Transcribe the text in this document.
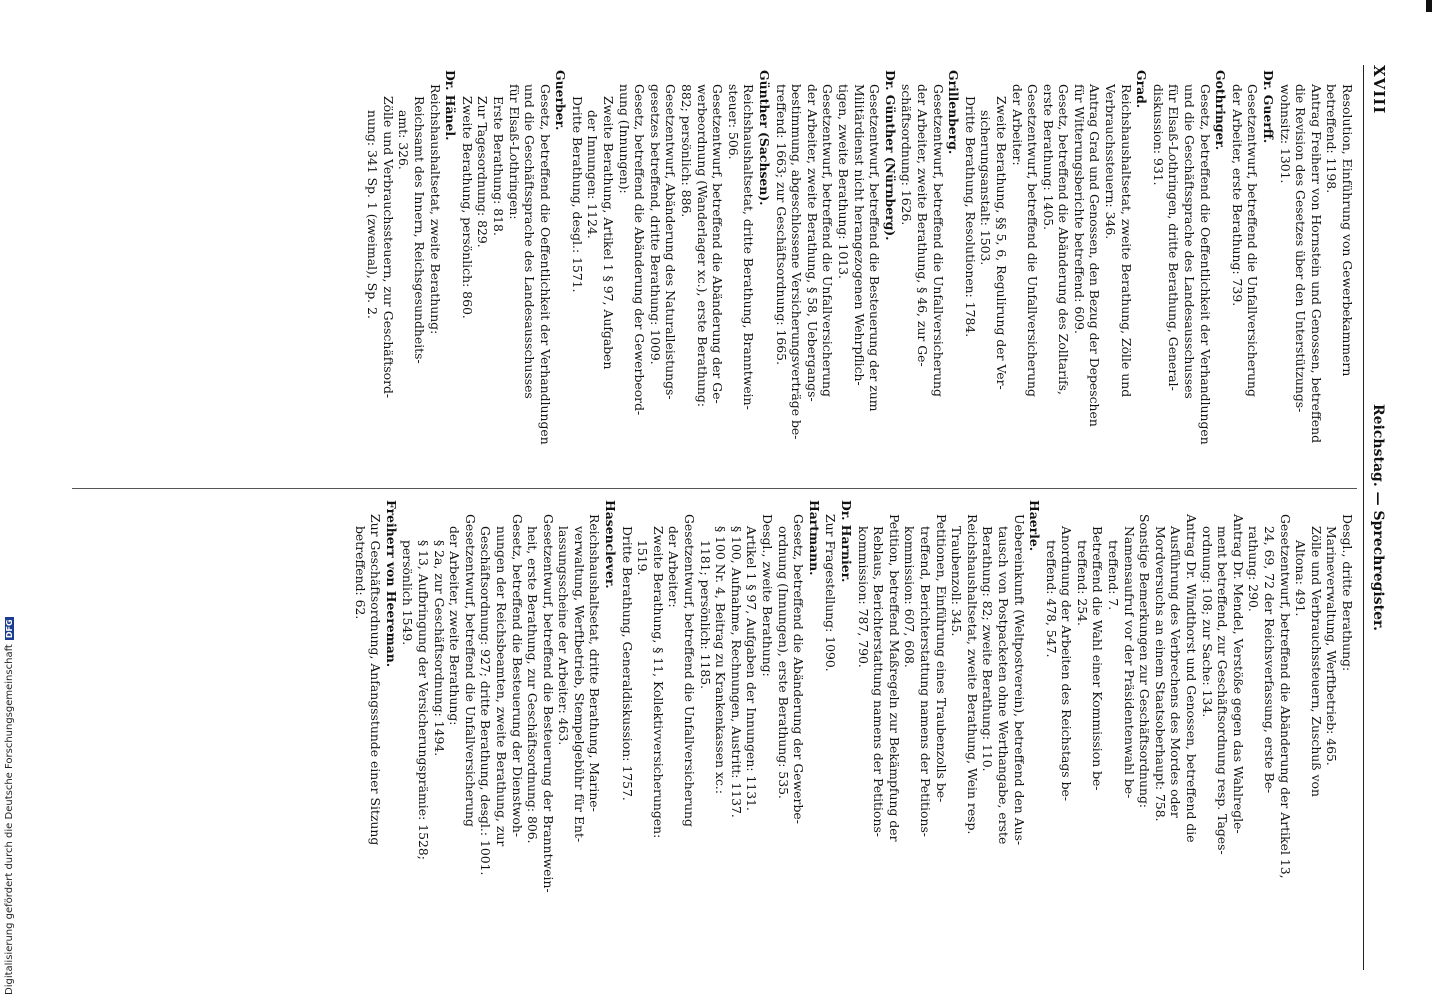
XVIII
Reichstag. — Sprechregister.
Resolution, Einführung von Gewerbekammern
betreffend: 1198.
Antrag Freiherr von Hornstein und Genossen, betreffend
die Revision des Gesetzes über den Unterstützungs-
wohnsitz: 1301.
Dr. Guerff.
Gesetzentwurf, betreffend die Unfallversicherung
der Arbeiter, erste Berathung: 739.
Gothringer.
Gesetz, betreffend die Oeffentlichkeit der Verhandlungen
und die Geschäftssprache des Landesausschusses
für Elsaß-Lothringen, dritte Berathung, General-
diskussion: 931.
Grad.
Reichshaushaltsetat, zweite Berathung, Zölle und
Verbrauchssteuern: 346.
Antrag Grad und Genossen, den Bezug der Depeschen
für Witterungsberichte betreffend: 609.
Gesetz, betreffend die Abänderung des Zolltarifs,
erste Berathung: 1405.
Gesetzentwurf, betreffend die Unfallversicherung
der Arbeiter:
Zweite Berathung, §§ 5, 6, Regulirung der Ver-
sicherungsanstalt: 1503.
Dritte Berathung, Resolutionen: 1784.
Grillenberg.
Gesetzentwurf, betreffend die Unfallversicherung
der Arbeiter, zweite Berathung, § 46, zur Ge-
schäftsordnung: 1626.
Dr. Günther (Nürnberg).
Gesetzentwurf, betreffend die Besteuerung der zum
Militärdienst nicht herangezogenen Wehrpflich-
tigen, zweite Berathung: 1013.
Gesetzentwurf, betreffend die Unfallversicherung
der Arbeiter, zweite Berathung, § 58, Uebergangs-
bestimmung, abgeschlossene Versicherungsverträge be-
treffend: 1663; zur Geschäftsordnung: 1665.
Günther (Sachsen).
Reichshaushaltsetat, dritte Berathung, Branntwein-
steuer: 506.
Gesetzentwurf, betreffend die Abänderung der Ge-
werbeordnung (Wanderlager xc.), erste Berathung:
882; persönlich: 886.
Gesetzentwurf, Abänderung des Naturalleistungs-
gesetzes betreffend, dritte Berathung: 1009.
Gesetz, betreffend die Abänderung der Gewerbeord-
nung (Innungen):
Zweite Berathung, Artikel 1 § 97, Aufgaben
der Innungen: 1124.
Dritte Berathung, desgl.: 1571.
Guerber.
Gesetz, betreffend die Oeffentlichkeit der Verhandlungen
und die Geschäftssprache des Landesausschusses
für Elsaß-Lothringen:
Erste Berathung: 818.
Zur Tagesordnung: 829.
Zweite Berathung, persönlich: 860.
Dr. Hänel.
Reichshaushaltsetat, zweite Berathung:
Reichsamt des Innern, Reichsgesundheits-
amt: 326.
Zölle und Verbrauchssteuern, zur Geschäftsord-
nung: 341 Sp. 1 (zweimal), Sp. 2.
Desgl., dritte Berathung:
Marineverwaltung, Werftbetrieb: 465.
Zölle und Verbrauchssteuern, Zuschuß von
Altona: 491.
Gesetzentwurf, betreffend die Abänderung der Artikel 13,
24, 69, 72 der Reichsverfassung, erste Be-
rathung: 290.
Antrag Dr. Mendel, Verstöße gegen das Wahlregle-
ment betreffend, zur Geschäftsordnung resp. Tages-
ordnung: 108; zur Sache: 134.
Antrag Dr. Windthorst und Genossen, betreffend die
Ausführung des Verbrechens des Mordes oder
Mordversuchs an einem Staatsoberhaupt: 758.
Sonstige Bemerkungen zur Geschäftsordnung:
Namensaufruf vor der Präsidentenwahl be-
treffend: 7.
Betreffend die Wahl einer Kommission be-
treffend: 254.
Anordnung der Arbeiten des Reichstags be-
treffend: 478, 547.
Haerle.
Uebereinkunft (Weltpostverein), betreffend den Aus-
tausch von Postpacketen ohne Werthangabe, erste
Berathung: 82; zweite Berathung: 110.
Reichshaushaltsetat, zweite Berathung, Wein resp.
Traubenzoll: 345.
Petitionen, Einführung eines Traubenzolls be-
treffend, Berichterstattung namens der Petitions-
kommission: 607, 608.
Petition, betreffend Maßregeln zur Bekämpfung der
Reblaus, Berichterstattung namens der Petitions-
kommission: 787, 790.
Dr. Harnier.
Zur Fragestellung: 1090.
Hartmann.
Gesetz, betreffend die Abänderung der Gewerbe-
ordnung (Innungen), erste Berathung: 535.
Desgl., zweite Berathung:
Artikel 1 § 97, Aufgaben der Innungen: 1131.
§ 100, Aufnahme, Rechnungen, Austritt: 1137.
§ 100 Nr. 4, Beitrag zu Krankenkassen xc.:
1181; persönlich: 1185.
Gesetzentwurf, betreffend die Unfallversicherung
der Arbeiter:
Zweite Berathung, § 11, Kollektivversicherungen:
1519.
Dritte Berathung, Generaldiskussion: 1757.
Hasenclever.
Reichshaushaltsetat, dritte Berathung, Marine-
verwaltung, Werftbetrieb, Stempelgebühr für Ent-
lassungsscheine der Arbeiter: 463.
Gesetzentwurf, betreffend die Besteuerung der Branntwein-
heit, erste Berathung, zur Geschäftsordnung: 806.
Gesetz, betreffend die Besteuerung der Dienstwoh-
nungen der Reichsbeamten, zweite Berathung, zur
Geschäftsordnung: 927; dritte Berathung, desgl.: 1001.
Gesetzentwurf, betreffend die Unfallversicherung
der Arbeiter, zweite Berathung:
§ 2a, zur Geschäftsordnung: 1494.
§ 13, Aufbringung der Versicherungsprämie: 1528;
persönlich 1549.
Freiherr von Heereman.
Zur Geschäftsordnung, Anfangsstunde einer Sitzung
betreffend: 62.
Digitalisierung gefördert durch die Deutsche ForschungsgemeinschaftDFG
